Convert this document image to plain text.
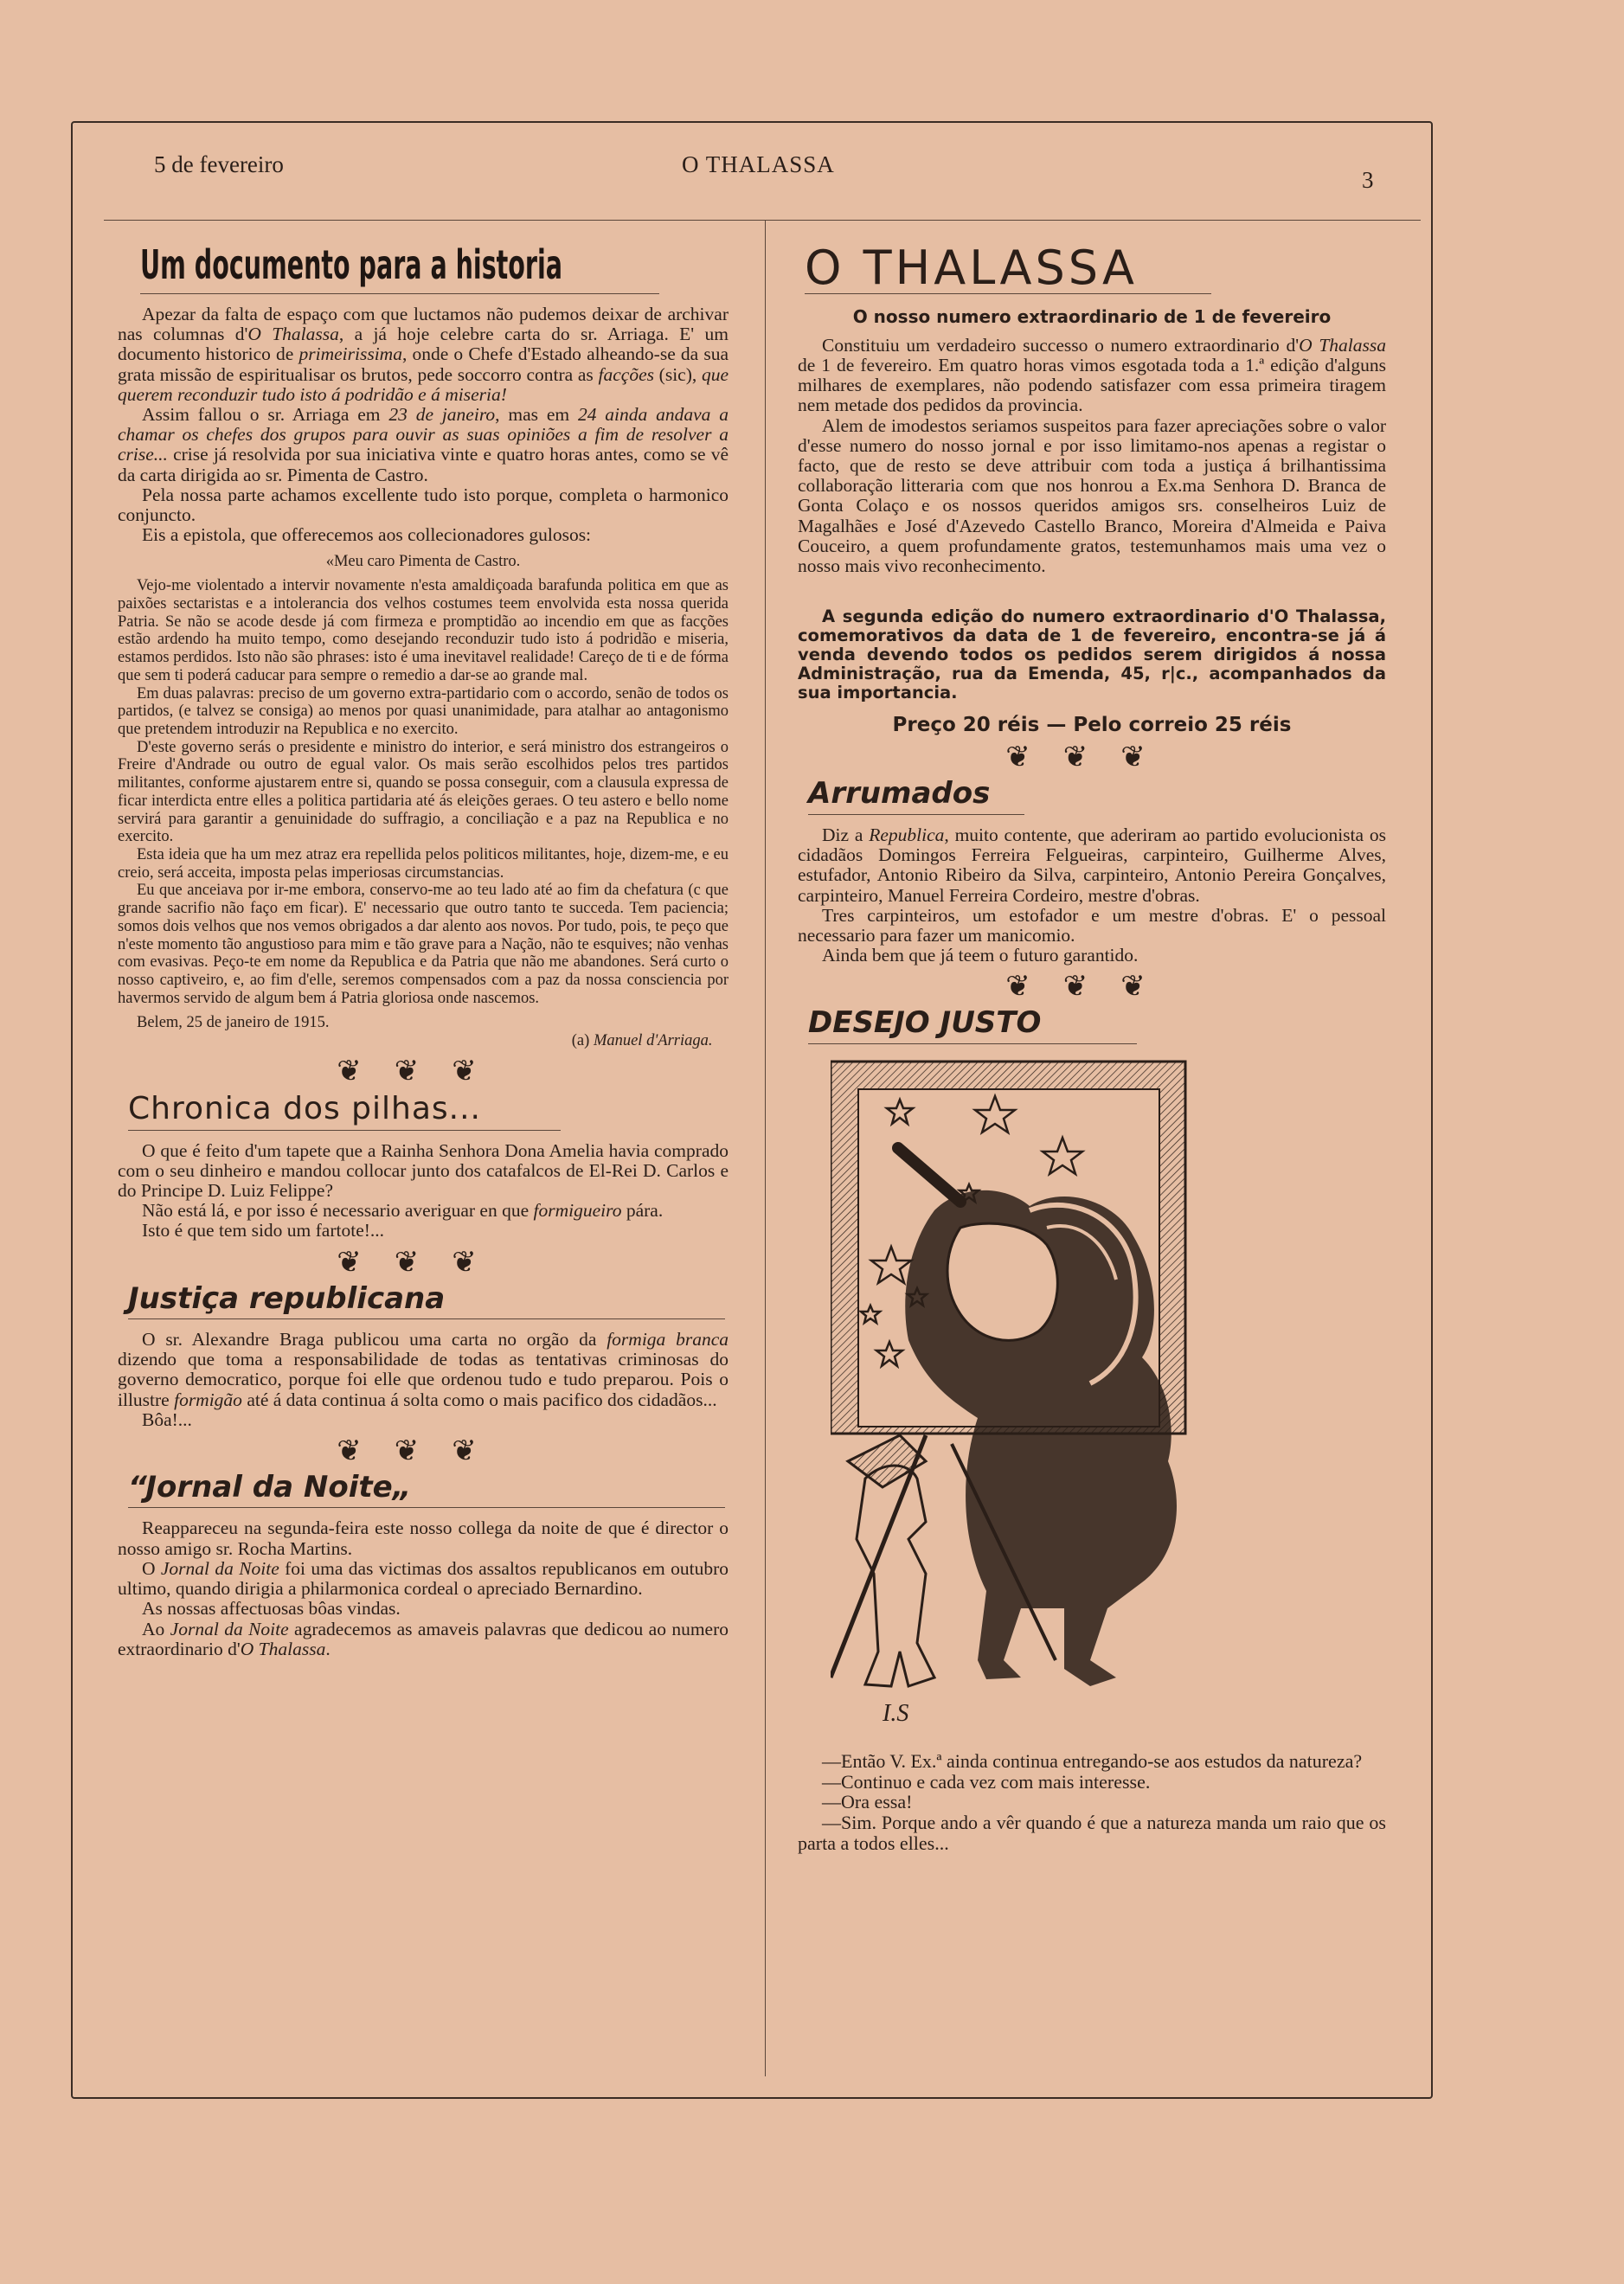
5 de fevereiro	O THALASSA
3
Um documento para a historia

Apezar da falta de espaço com que luctamos não pudemos deixar de archivar nas columnas d'O Thalassa, a já hoje celebre carta do sr. Arriaga. E' um documento historico de primeirissima, onde o Chefe d'Estado alheando-se da sua grata missão de espiritualisar os brutos, pede soccorro contra as facções (sic), que querem reconduzir tudo isto á podridão e á miseria!

Assim fallou o sr. Arriaga em 23 de janeiro, mas em 24 ainda andava a chamar os chefes dos grupos para ouvir as suas opiniões a fim de resolver a crise... crise já resolvida por sua iniciativa vinte e quatro horas antes, como se vê da carta dirigida ao sr. Pimenta de Castro.

Pela nossa parte achamos excellente tudo isto porque, completa o harmonico conjuncto.

Eis a epistola, que offerecemos aos collecionadores gulosos:

«Meu caro Pimenta de Castro.

Vejo-me violentado a intervir novamente n'esta amaldiçoada barafunda politica em que as paixões sectaristas e a intolerancia dos velhos costumes teem envolvida esta nossa querida Patria. Se não se acode desde já com firmeza e promptidão ao incendio em que as facções estão ardendo ha muito tempo, como desejando reconduzir tudo isto á podridão e miseria, estamos perdidos. Isto não são phrases: isto é uma inevitavel realidade! Careço de ti e de fórma que sem ti poderá caducar para sempre o remedio a dar-se ao grande mal.

Em duas palavras: preciso de um governo extra-partidario com o accordo, senão de todos os partidos, (e talvez se consiga) ao menos por quasi unanimidade, para atalhar ao antagonismo que pretendem introduzir na Republica e no exercito.

D'este governo serás o presidente e ministro do interior, e será ministro dos estrangeiros o Freire d'Andrade ou outro de egual valor. Os mais serão escolhidos pelos tres partidos militantes, conforme ajustarem entre si, quando se possa conseguir, com a clausula expressa de ficar interdicta entre elles a politica partidaria até ás eleições geraes. O teu astero e bello nome servirá para garantir a genuinidade do suffragio, a conciliação e a paz na Republica e no exercito.

Esta ideia que ha um mez atraz era repellida pelos politicos militantes, hoje, dizem-me, e eu creio, será acceita, imposta pelas imperiosas circumstancias.

Eu que anceiava por ir-me embora, conservo-me ao teu lado até ao fim da chefatura (c que grande sacrifio não faço em ficar). E' necessario que outro tanto te succeda. Tem paciencia; somos dois velhos que nos vemos obrigados a dar alento aos novos. Por tudo, pois, te peço que n'este momento tão angustioso para mim e tão grave para a Nação, não te esquives; não venhas com evasivas. Peço-te em nome da Republica e da Patria que não me abandones. Será curto o nosso captiveiro, e, ao fim d'elle, seremos compensados com a paz da nossa consciencia por havermos servido de algum bem á Patria gloriosa onde nascemos.

Belem, 25 de janeiro de 1915.

(a) Manuel d'Arriaga.

❦❦❦
Chronica dos pilhas...

O que é feito d'um tapete que a Rainha Senhora Dona Amelia havia comprado com o seu dinheiro e mandou collocar junto dos catafalcos de El-Rei D. Carlos e do Principe D. Luiz Felippe?

Não está lá, e por isso é necessario averiguar en que formigueiro pára.

Isto é que tem sido um fartote!...

❦❦❦
Justiça republicana

O sr. Alexandre Braga publicou uma carta no orgão da formiga branca dizendo que toma a responsabilidade de todas as tentativas criminosas do governo democratico, porque foi elle que ordenou tudo e tudo preparou. Pois o illustre formigão até á data continua á solta como o mais pacifico dos cidadãos...

Bôa!...

❦❦❦
“Jornal da Noite„

Reappareceu na segunda-feira este nosso collega da noite de que é director o nosso amigo sr. Rocha Martins.

O Jornal da Noite foi uma das victimas dos assaltos republicanos em outubro ultimo, quando dirigia a philarmonica cordeal o apreciado Bernardino.

As nossas affectuosas bôas vindas.

Ao Jornal da Noite agradecemos as amaveis palavras que dedicou ao numero extraordinario d'O Thalassa.

O THALASSA
O nosso numero extraordinario de 1 de fevereiro

Constituiu um verdadeiro successo o numero extraordinario d'O Thalassa de 1 de fevereiro. Em quatro horas vimos esgotada toda a 1.ª edição d'alguns milhares de exemplares, não podendo satisfazer com essa primeira tiragem nem metade dos pedidos da provincia.

Alem de imodestos seriamos suspeitos para fazer apreciações sobre o valor d'esse numero do nosso jornal e por isso limitamo-nos apenas a registar o facto, que de resto se deve attribuir com toda a justiça á brilhantissima collaboração litteraria com que nos honrou a Ex.ma Senhora D. Branca de Gonta Colaço e os nossos queridos amigos srs. conselheiros Luiz de Magalhães e José d'Azevedo Castello Branco, Moreira d'Almeida e Paiva Couceiro, a quem profundamente gratos, testemunhamos mais uma vez o nosso mais vivo reconhecimento.

A segunda edição do numero extraordinario d'O Thalassa, comemorativos da data de 1 de fevereiro, encontra-se já á venda devendo todos os pedidos serem dirigidos á nossa Administração, rua da Emenda, 45, r|c., acompanhados da sua importancia.

Preço 20 réis — Pelo correio 25 réis
❦❦❦
Arrumados

Diz a Republica, muito contente, que aderiram ao partido evolucionista os cidadãos Domingos Ferreira Felgueiras, carpinteiro, Guilherme Alves, estufador, Antonio Ribeiro da Silva, carpinteiro, Antonio Pereira Gonçalves, carpinteiro, Manuel Ferreira Cordeiro, mestre d'obras.

Tres carpinteiros, um estofador e um mestre d'obras. E' o pessoal necessario para fazer um manicomio.

Ainda bem que já teem o futuro garantido.

❦❦❦
DESEJO JUSTO
I.S

—Então V. Ex.ª ainda continua entregando-se aos estudos da natureza?

—Continuo e cada vez com mais interesse.

—Ora essa!

—Sim. Porque ando a vêr quando é que a natureza manda um raio que os parta a todos elles...
